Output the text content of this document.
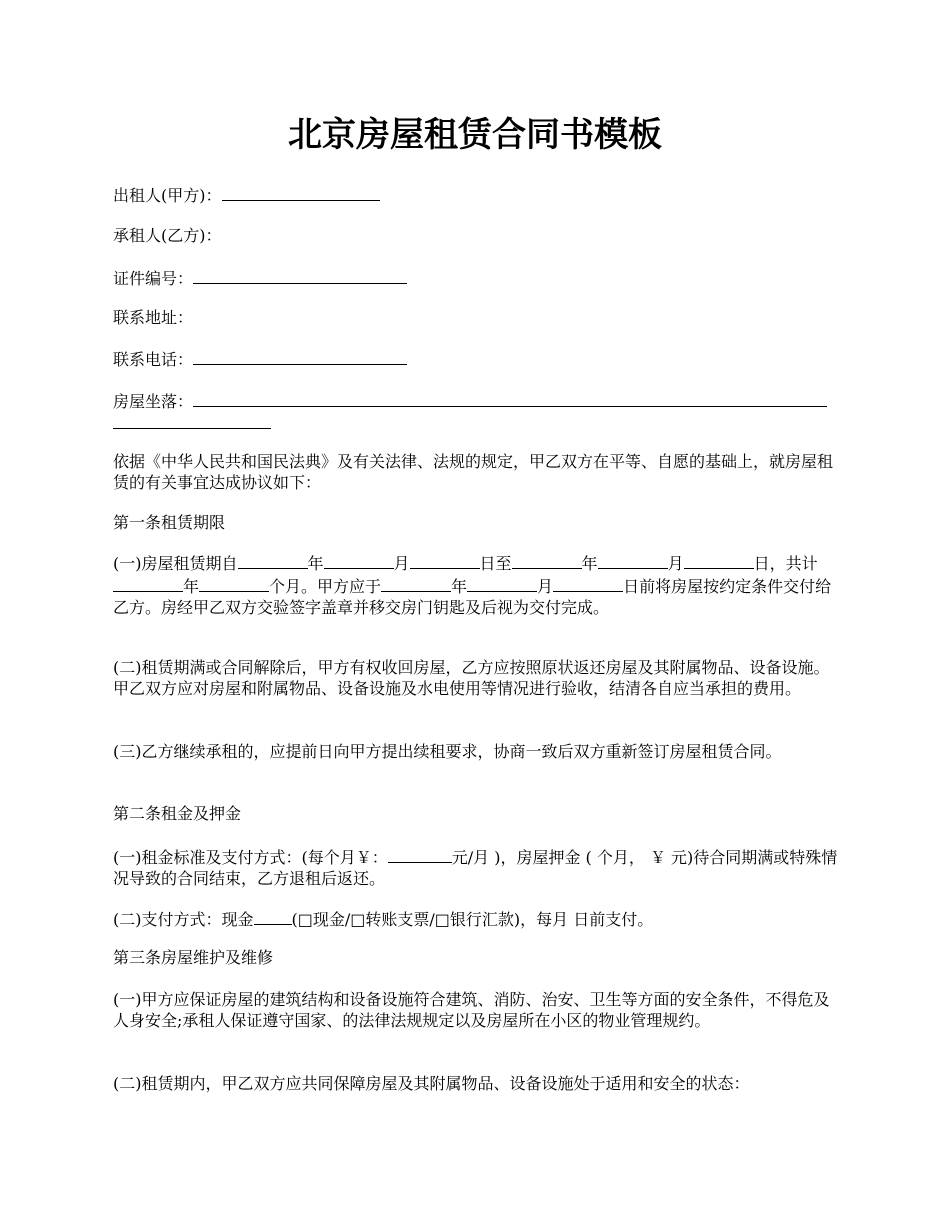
北京房屋租赁合同书模板
出租人(甲方)：
承租人(乙方)：
证件编号：
联系地址：
联系电话：
房屋坐落：

依据《中华人民共和国民法典》及有关法律、法规的规定，甲乙双方在平等、自愿的基础上，就房屋租赁的有关事宜达成协议如下：

第一条租赁期限

(一)房屋租赁期自	年	月	日至	年	月	日，共计年	个月。甲方应于	年	月	日前将房屋按约定条件交付给乙方。房经甲乙双方交验签字盖章并移交房门钥匙及后视为交付完成。

(二)租赁期满或合同解除后，甲方有权收回房屋，乙方应按照原状返还房屋及其附属物品、设备设施。甲乙双方应对房屋和附属物品、设备设施及水电使用等情况进行验收，结清各自应当承担的费用。

(三)乙方继续承租的，应提前日向甲方提出续租要求，协商一致后双方重新签订房屋租赁合同。

第二条租金及押金

(一)租金标准及支付方式：(每个月￥：	元/月 )，房屋押金 ( 个月， ￥ 元)待合同期满或特殊情况导致的合同结束，乙方退租后返还。

(二)支付方式：现金 (□现金/□转账支票/□银行汇款)，每月 日前支付。

第三条房屋维护及维修

(一)甲方应保证房屋的建筑结构和设备设施符合建筑、消防、治安、卫生等方面的安全条件，不得危及人身安全;承租人保证遵守国家、的法律法规规定以及房屋所在小区的物业管理规约。

(二)租赁期内，甲乙双方应共同保障房屋及其附属物品、设备设施处于适用和安全的状态：
